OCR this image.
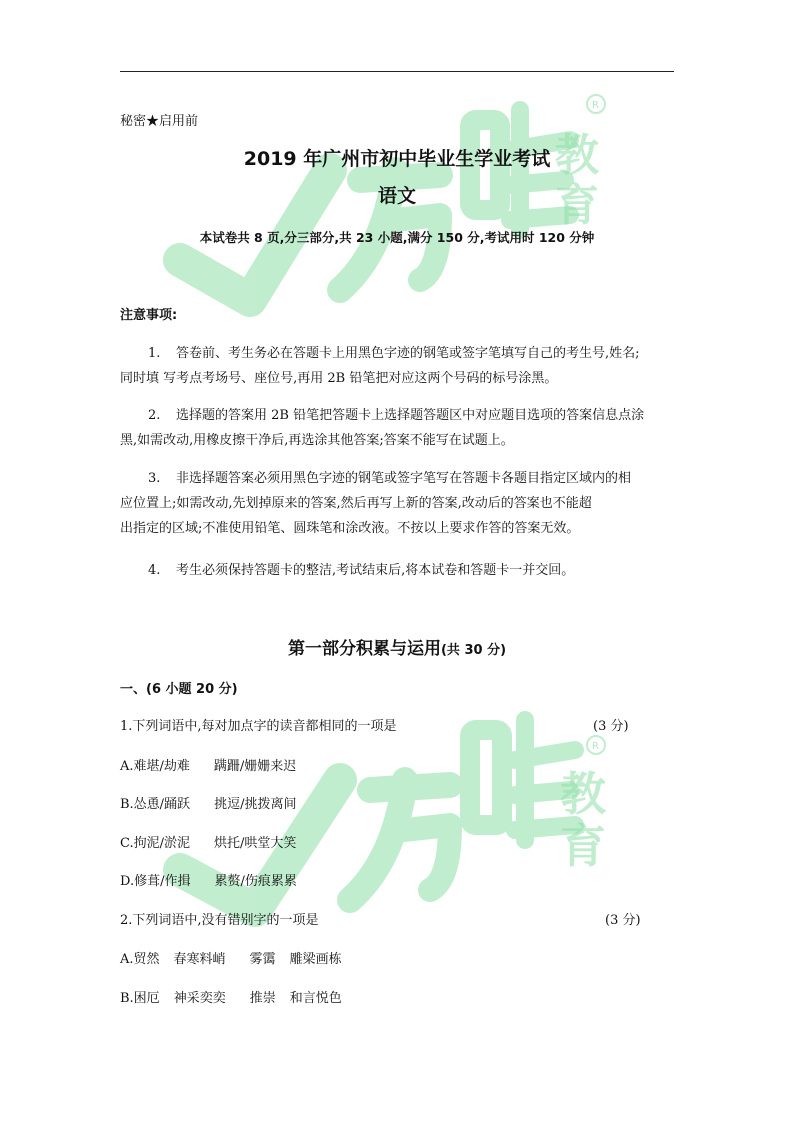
教
育
教
育
R
R
秘密★启用前
2019 年广州市初中毕业生学业考试
语文
本试卷共 8 页,分三部分,共 23 小题,满分 150 分,考试用时 120 分钟
注意事项:
1. 答卷前、考生务必在答题卡上用黑色字迹的钢笔或签字笔填写自己的考生号,姓名;
同时填 写考点考场号、座位号,再用 2B 铅笔把对应这两个号码的标号涂黑。
2. 选择题的答案用 2B 铅笔把答题卡上选择题答题区中对应题目选项的答案信息点涂
黑,如需改动,用橡皮擦干净后,再选涂其他答案;答案不能写在试题上。
3. 非选择题答案必须用黑色字迹的钢笔或签字笔写在答题卡各题目指定区域内的相
应位置上;如需改动,先划掉原来的答案,然后再写上新的答案,改动后的答案也不能超
出指定的区域;不准使用铅笔、圆珠笔和涂改液。不按以上要求作答的答案无效。
4. 考生必须保持答题卡的整洁,考试结束后,将本试卷和答题卡一并交回。
第一部分积累与运用(共 30 分)
一、(6 小题 20 分)
1.下列词语中,每对加点字的读音都相同的一项是	(3 分)
A.难堪/劫难 蹒跚/姗姗来迟
B.怂恿/踊跃 挑逗/挑拨离间
C.拘泥/淤泥 烘托/哄堂大笑
D.修葺/作揖 累赘/伤痕累累
2.下列词语中,没有错别字的一项是	(3 分)
A.贸然 春寒料峭 雾霭 雕梁画栋
B.困厄 神采奕奕 推崇 和言悦色
